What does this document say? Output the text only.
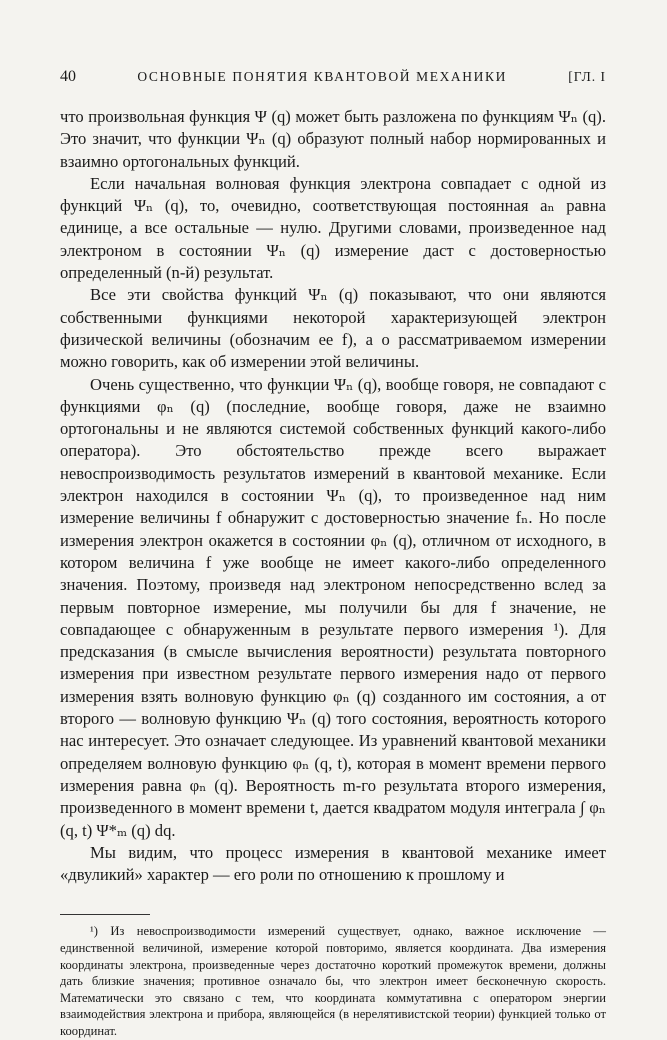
40	ОСНОВНЫЕ ПОНЯТИЯ КВАНТОВОЙ МЕХАНИКИ	[ГЛ. I

что произвольная функция Ψ (q) может быть разложена по функциям Ψₙ (q). Это значит, что функции Ψₙ (q) образуют полный набор нормированных и взаимно ортогональных функций.

Если начальная волновая функция электрона совпадает с одной из функций Ψₙ (q), то, очевидно, соответствующая постоянная aₙ равна единице, а все остальные — нулю. Другими словами, произведенное над электроном в состоянии Ψₙ (q) измерение даст с достоверностью определенный (n-й) результат.

Все эти свойства функций Ψₙ (q) показывают, что они являются собственными функциями некоторой характеризующей электрон физической величины (обозначим ее f), а о рассматриваемом измерении можно говорить, как об измерении этой величины.

Очень существенно, что функции Ψₙ (q), вообще говоря, не совпадают с функциями φₙ (q) (последние, вообще говоря, даже не взаимно ортогональны и не являются системой собственных функций какого-либо оператора). Это обстоятельство прежде всего выражает невоспроизводимость результатов измерений в квантовой механике. Если электрон находился в состоянии Ψₙ (q), то произведенное над ним измерение величины f обнаружит с достоверностью значение fₙ. Но после измерения электрон окажется в состоянии φₙ (q), отличном от исходного, в котором величина f уже вообще не имеет какого-либо определенного значения. Поэтому, произведя над электроном непосредственно вслед за первым повторное измерение, мы получили бы для f значение, не совпадающее с обнаруженным в результате первого измерения ¹). Для предсказания (в смысле вычисления вероятности) результата повторного измерения при известном результате первого измерения надо от первого измерения взять волновую функцию φₙ (q) созданного им состояния, а от второго — волновую функцию Ψₙ (q) того состояния, вероятность которого нас интересует. Это означает следующее. Из уравнений квантовой механики определяем волновую функцию φₙ (q, t), которая в момент времени первого измерения равна φₙ (q). Вероятность m-го результата второго измерения, произведенного в момент времени t, дается квадратом модуля интеграла ∫ φₙ (q, t) Ψ*ₘ (q) dq.

Мы видим, что процесс измерения в квантовой механике имеет «двуликий» характер — его роли по отношению к прошлому и

¹) Из невоспроизводимости измерений существует, однако, важное исключение — единственной величиной, измерение которой повторимо, является координата. Два измерения координаты электрона, произведенные через достаточно короткий промежуток времени, должны дать близкие значения; противное означало бы, что электрон имеет бесконечную скорость. Математически это связано с тем, что координата коммутативна с оператором энергии взаимодействия электрона и прибора, являющейся (в нерелятивистской теории) функцией только от координат.
